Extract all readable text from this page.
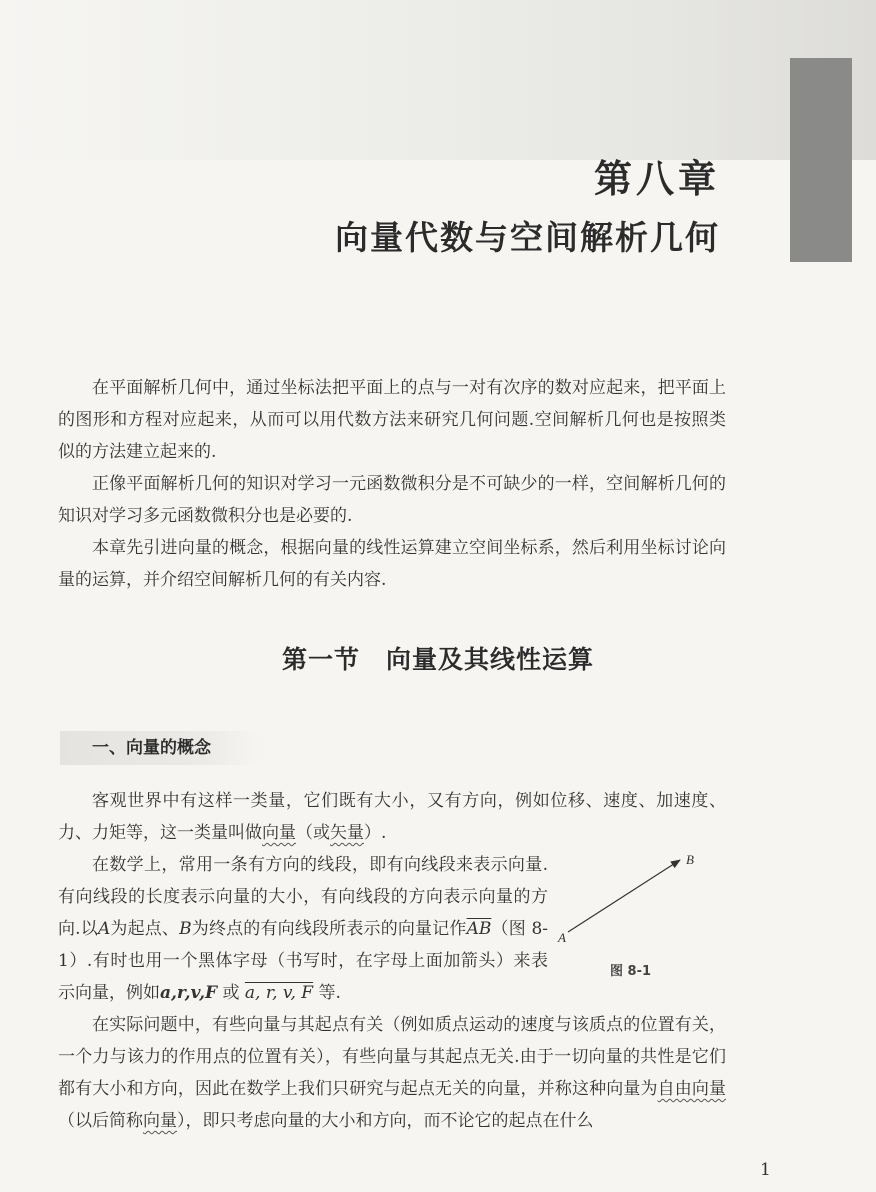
第八章
向量代数与空间解析几何

在平面解析几何中，通过坐标法把平面上的点与一对有次序的数对应起来，把平面上的图形和方程对应起来，从而可以用代数方法来研究几何问题.空间解析几何也是按照类似的方法建立起来的.

正像平面解析几何的知识对学习一元函数微积分是不可缺少的一样，空间解析几何的知识对学习多元函数微积分也是必要的.

本章先引进向量的概念，根据向量的线性运算建立空间坐标系，然后利用坐标讨论向量的运算，并介绍空间解析几何的有关内容.

第一节 向量及其线性运算
一、向量的概念

客观世界中有这样一类量，它们既有大小，又有方向，例如位移、速度、加速度、力、力矩等，这一类量叫做向量（或矢量）.

在数学上，常用一条有方向的线段，即有向线段来表示向量.有向线段的长度表示向量的大小，有向线段的方向表示向量的方向.以A为起点、B为终点的有向线段所表示的向量记作$\overline{AB}$（图 8-1）.有时也用一个黑体字母（书写时，在字母上面加箭头）来表示向量，例如a,r,v,F 或 a, r, v, F 等.

A
B
图 8-1

在实际问题中，有些向量与其起点有关（例如质点运动的速度与该质点的位置有关，一个力与该力的作用点的位置有关），有些向量与其起点无关.由于一切向量的共性是它们都有大小和方向，因此在数学上我们只研究与起点无关的向量，并称这种向量为自由向量（以后简称向量），即只考虑向量的大小和方向，而不论它的起点在什么

1
